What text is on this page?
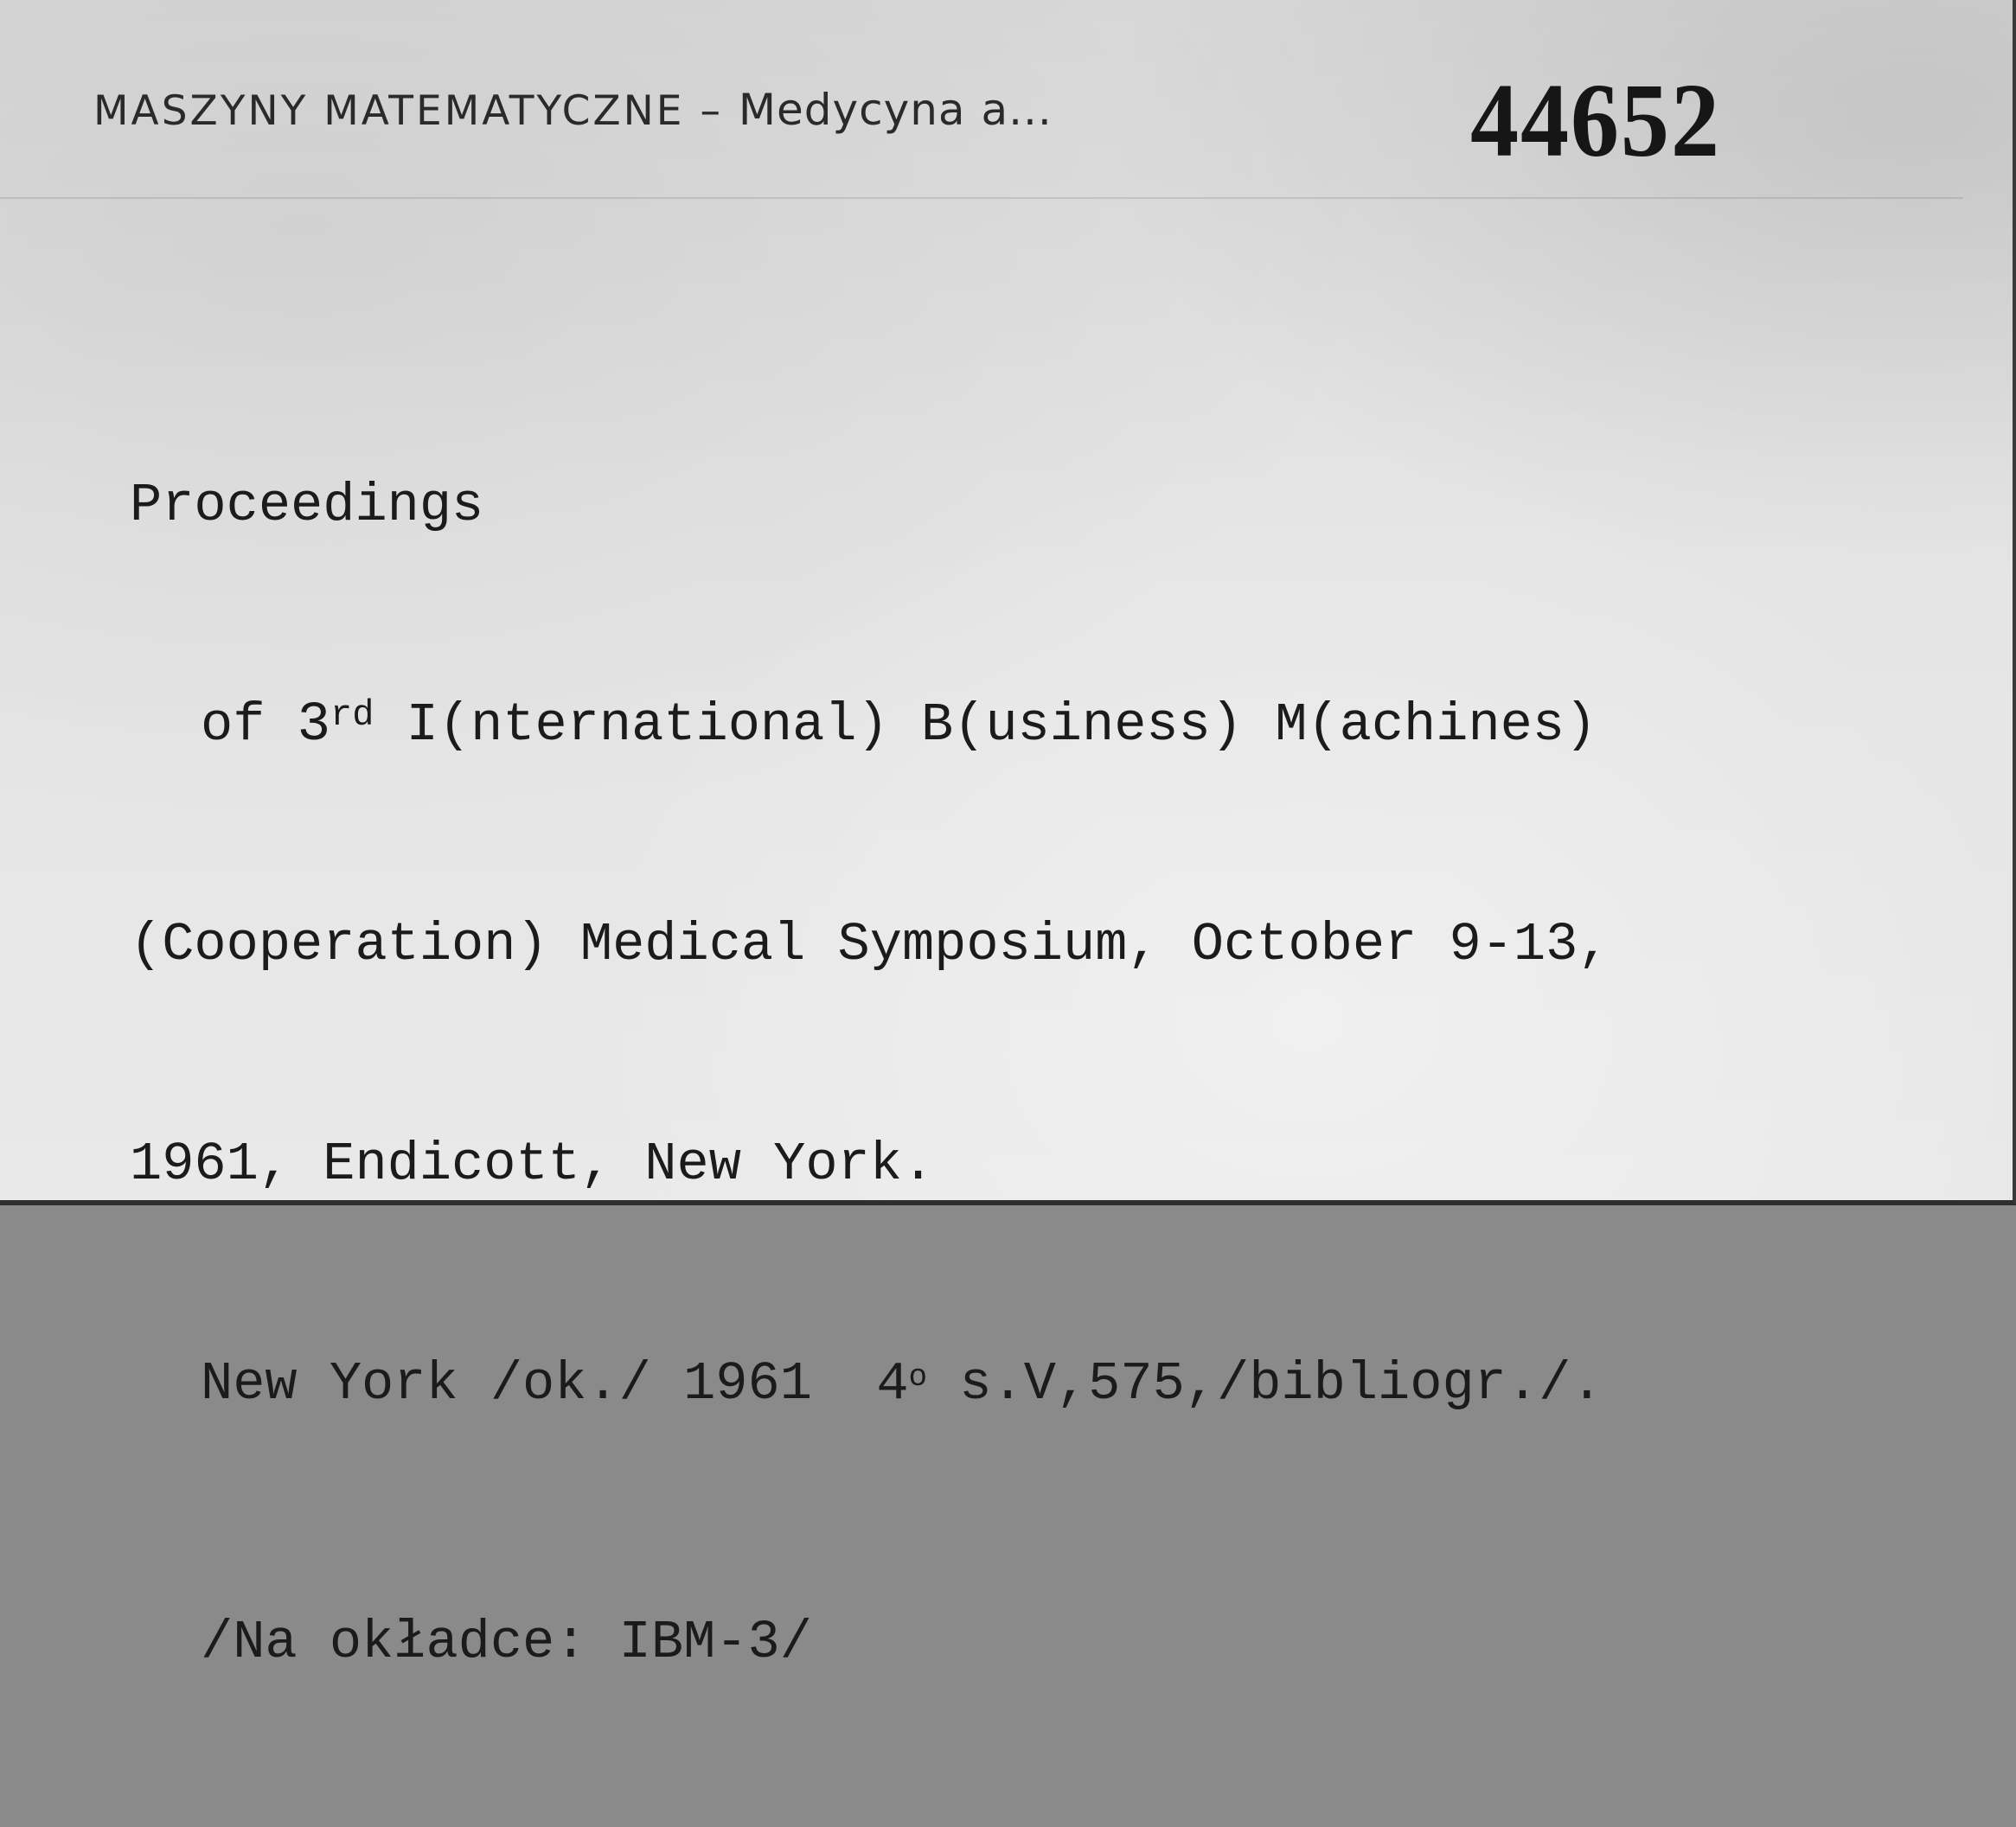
MASZYNY MATEMATYCZNE – Medycyna a...	44652

Proceedings

of 3rd I(nternational) B(usiness) M(achines)

(Cooperation) Medical Symposium, October 9-13,

1961, Endicott, New York.

New York /ok./ 1961  4$^o$ s.V,575,/bibliogr./.

/Na okładce: IBM-3/
